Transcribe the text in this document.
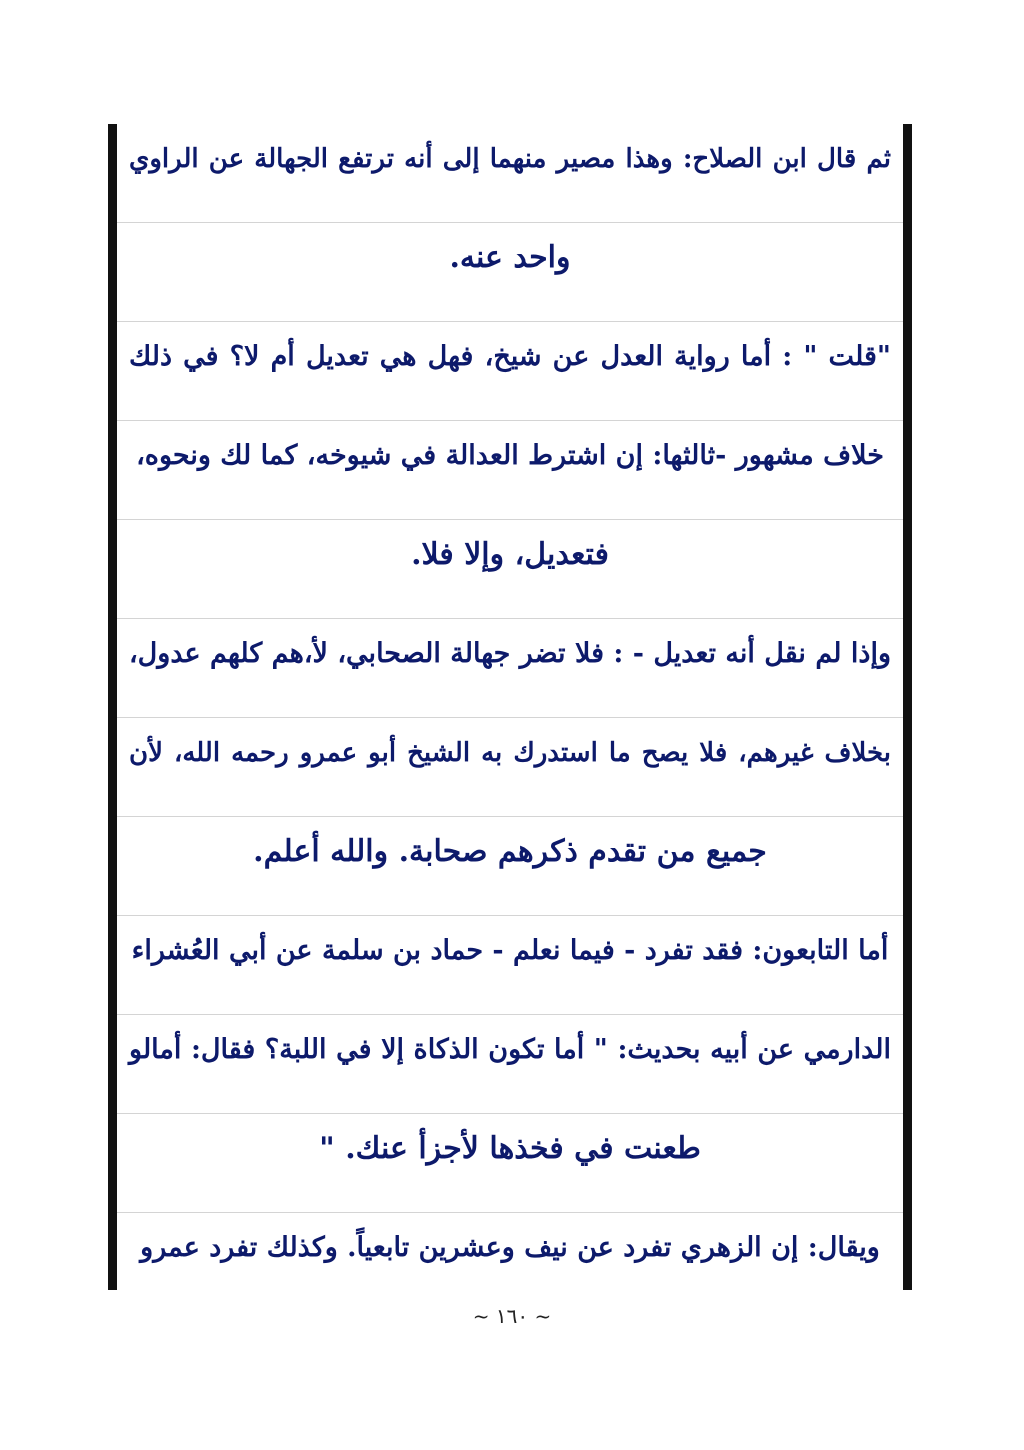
ثم قال ابن الصلاح: وهذا مصير منهما إلى أنه ترتفع الجهالة عن الراوي
واحد عنه.
"قلت " : أما رواية العدل عن شيخ، فهل هي تعديل أم لا؟ في ذلك
خلاف مشهور -ثالثها: إن اشترط العدالة في شيوخه، كما لك ونحوه،
فتعديل، وإلا فلا.
وإذا لم نقل أنه تعديل - : فلا تضر جهالة الصحابي، لأ،هم كلهم عدول،
بخلاف غيرهم، فلا يصح ما استدرك به الشيخ أبو عمرو رحمه الله، لأن
جميع من تقدم ذكرهم صحابة. والله أعلم.
أما التابعون: فقد تفرد - فيما نعلم - حماد بن سلمة عن أبي العُشراء
الدارمي عن أبيه بحديث: " أما تكون الذكاة إلا في اللبة؟ فقال: أمالو
طعنت في فخذها لأجزأ عنك. "
ويقال: إن الزهري تفرد عن نيف وعشرين تابعياً. وكذلك تفرد عمرو
~ ١٦٠ ~
